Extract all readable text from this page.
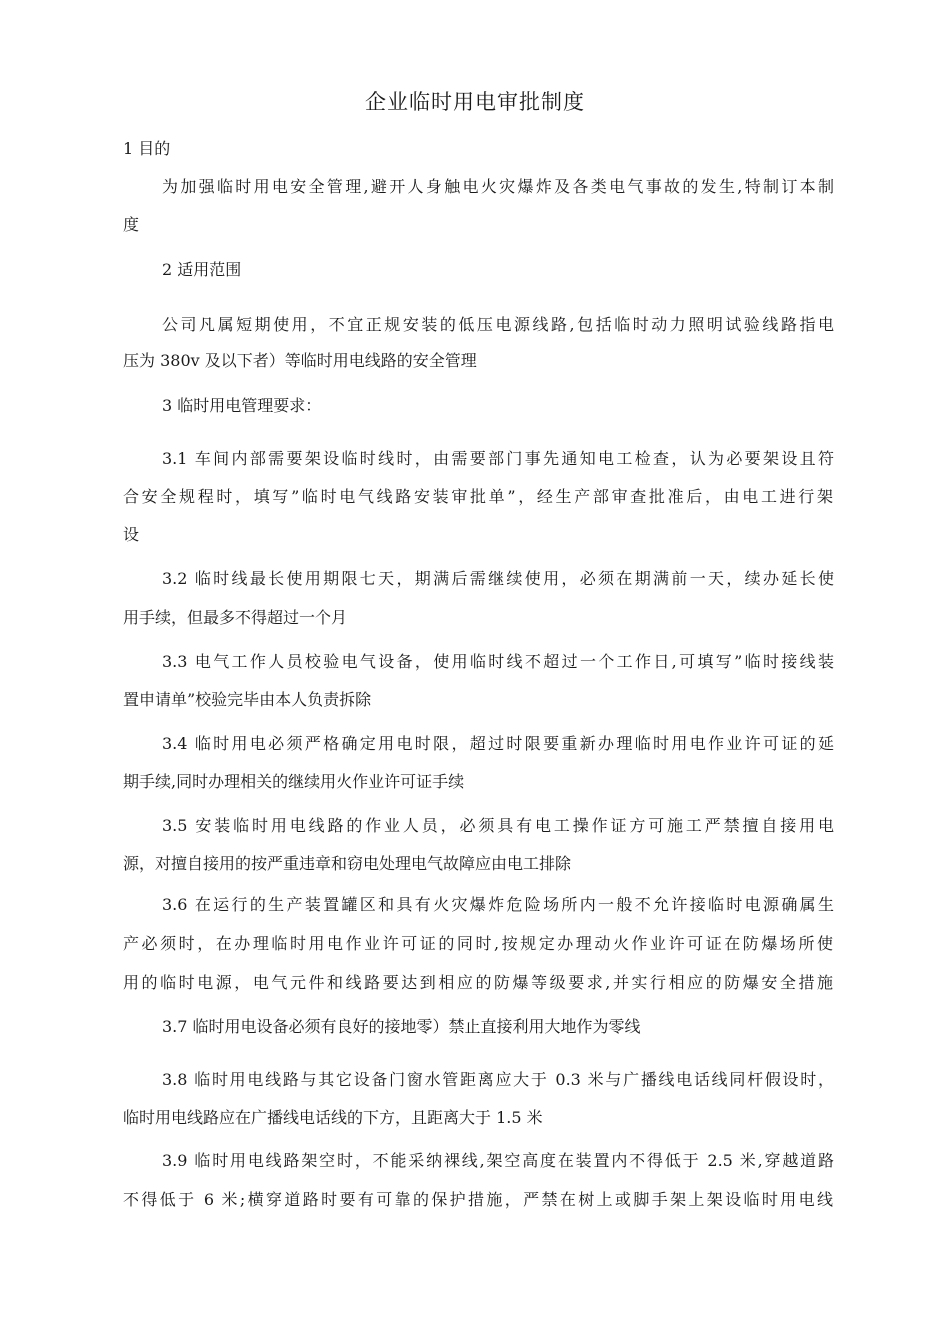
企业临时用电审批制度
1 目的
为加强临时用电安全管理,避开人身触电火灾爆炸及各类电气事故的发生,特制订本制
度
2 适用范围
公司凡属短期使用，不宜正规安装的低压电源线路,包括临时动力照明试验线路指电
压为 380v 及以下者）等临时用电线路的安全管理
3 临时用电管理要求：
3.1 车间内部需要架设临时线时，由需要部门事先通知电工检查，认为必要架设且符
合安全规程时，填写”临时电气线路安装审批单”，经生产部审查批准后，由电工进行架
设
3.2 临时线最长使用期限七天，期满后需继续使用，必须在期满前一天，续办延长使
用手续，但最多不得超过一个月
3.3 电气工作人员校验电气设备，使用临时线不超过一个工作日,可填写”临时接线装
置申请单”校验完毕由本人负责拆除
3.4 临时用电必须严格确定用电时限，超过时限要重新办理临时用电作业许可证的延
期手续,同时办理相关的继续用火作业许可证手续
3.5 安装临时用电线路的作业人员，必须具有电工操作证方可施工严禁擅自接用电
源，对擅自接用的按严重违章和窃电处理电气故障应由电工排除
3.6 在运行的生产装置罐区和具有火灾爆炸危险场所内一般不允许接临时电源确属生
产必须时，在办理临时用电作业许可证的同时,按规定办理动火作业许可证在防爆场所使
用的临时电源，电气元件和线路要达到相应的防爆等级要求,并实行相应的防爆安全措施
3.7 临时用电设备必须有良好的接地零）禁止直接利用大地作为零线
3.8 临时用电线路与其它设备门窗水管距离应大于 0.3 米与广播线电话线同杆假设时，
临时用电线路应在广播线电话线的下方，且距离大于 1.5 米
3.9 临时用电线路架空时，不能采纳裸线,架空高度在装置内不得低于 2.5 米,穿越道路
不得低于 6 米;横穿道路时要有可靠的保护措施，严禁在树上或脚手架上架设临时用电线
